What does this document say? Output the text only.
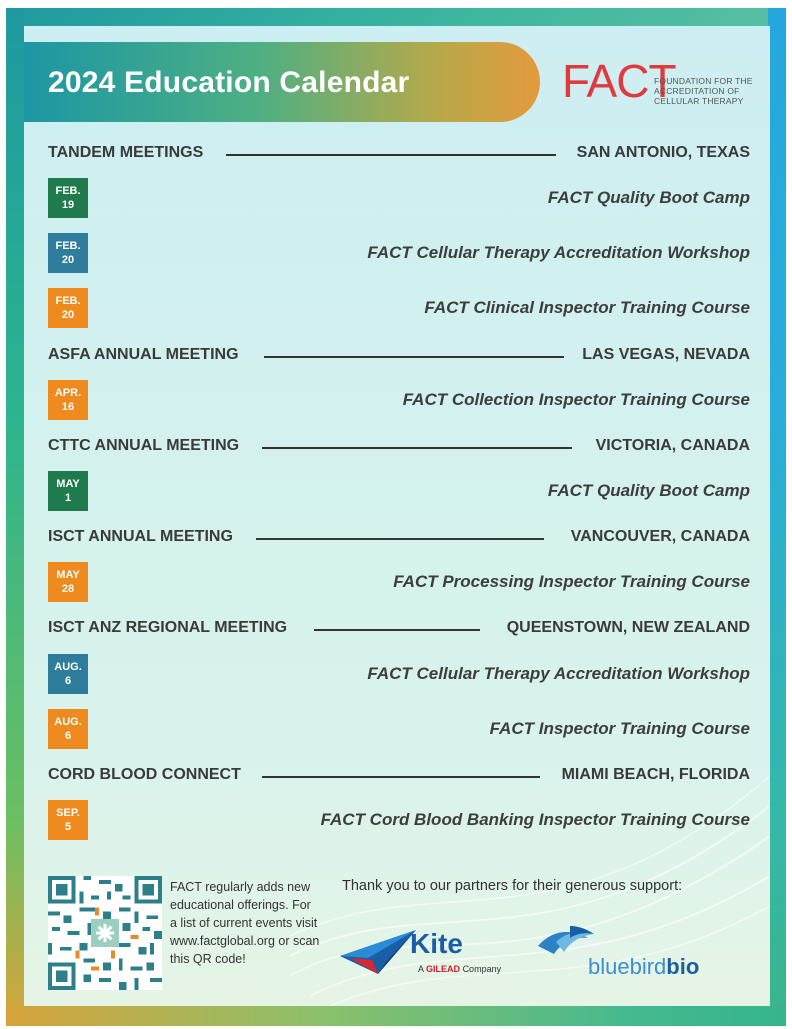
2024 Education Calendar	FACT
FOUNDATION FOR THE
ACCREDITATION OF
CELLULAR THERAPY
TANDEM MEETINGS	SAN ANTONIO, TEXAS
FEB.
19	FACT Quality Boot Camp
FEB.
20	FACT Cellular Therapy Accreditation Workshop
FEB.
20	FACT Clinical Inspector Training Course
ASFA ANNUAL MEETING	LAS VEGAS, NEVADA
APR.
16	FACT Collection Inspector Training Course
CTTC ANNUAL MEETING	VICTORIA, CANADA
MAY
1	FACT Quality Boot Camp
ISCT ANNUAL MEETING	VANCOUVER, CANADA
MAY
28	FACT Processing Inspector Training Course
ISCT ANZ REGIONAL MEETING	QUEENSTOWN, NEW ZEALAND
AUG.
6	FACT Cellular Therapy Accreditation Workshop
AUG.
6	FACT Inspector Training Course
CORD BLOOD CONNECT	MIAMI BEACH, FLORIDA
SEP.
5	FACT Cord Blood Banking Inspector Training Course
FACT regularly adds new educational offerings. For a list of current events visit www.factglobal.org or scan this QR code!
Thank you to our partners for their generous support:
Kite
A GILEAD Company	bluebirdbio
